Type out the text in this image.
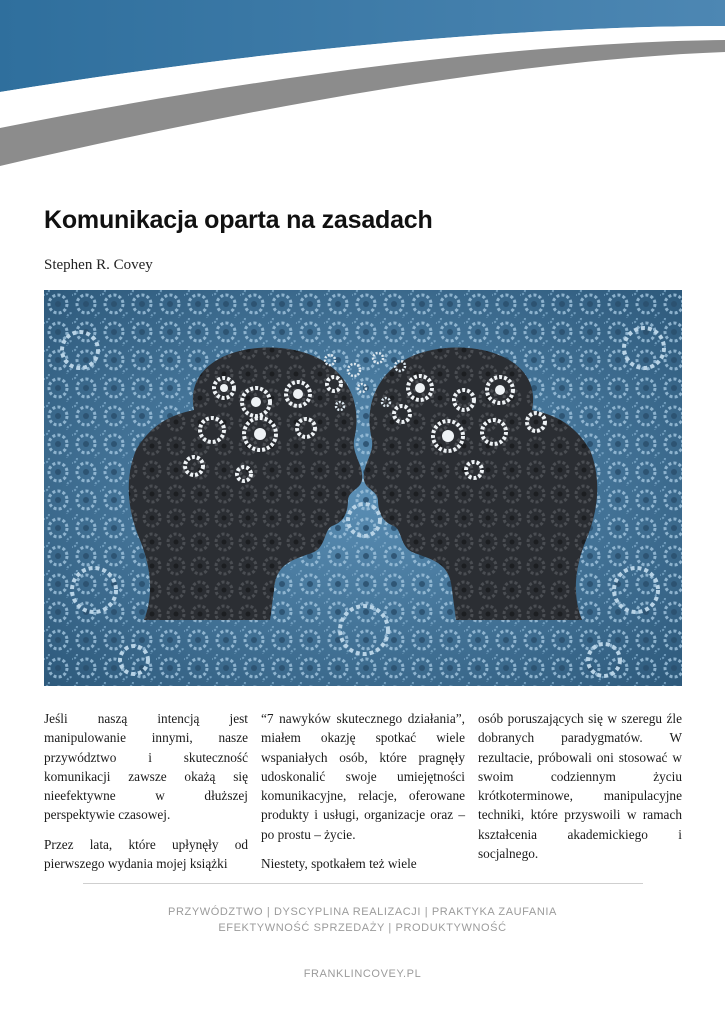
Komunikacja oparta na zasadach
Stephen R. Covey

Jeśli naszą intencją jest manipulowanie innymi, nasze przywództwo i skuteczność komunikacji zawsze okażą się nieefektywne w dłuższej perspektywie czasowej.

Przez lata, które upłynęły od pierwszego wydania mojej książki

“7 nawyków skutecznego działania”, miałem okazję spotkać wiele wspaniałych osób, które pragnęły udoskonalić swoje umiejętności komunikacyjne, relacje, oferowane produkty i usługi, organizacje oraz – po prostu – życie.

Niestety, spotkałem też wiele

osób poruszających się w szeregu źle dobranych paradygmatów. W rezultacie, próbowali oni stosować w swoim codziennym życiu krótkoterminowe, manipulacyjne techniki, które przyswoili w ramach kształcenia akademickiego i socjalnego.

PRZYWÓDZTWO | DYSCYPLINA REALIZACJI | PRAKTYKA ZAUFANIA
EFEKTYWNOŚĆ SPRZEDAŻY | PRODUKTYWNOŚĆ
FRANKLINCOVEY.PL
